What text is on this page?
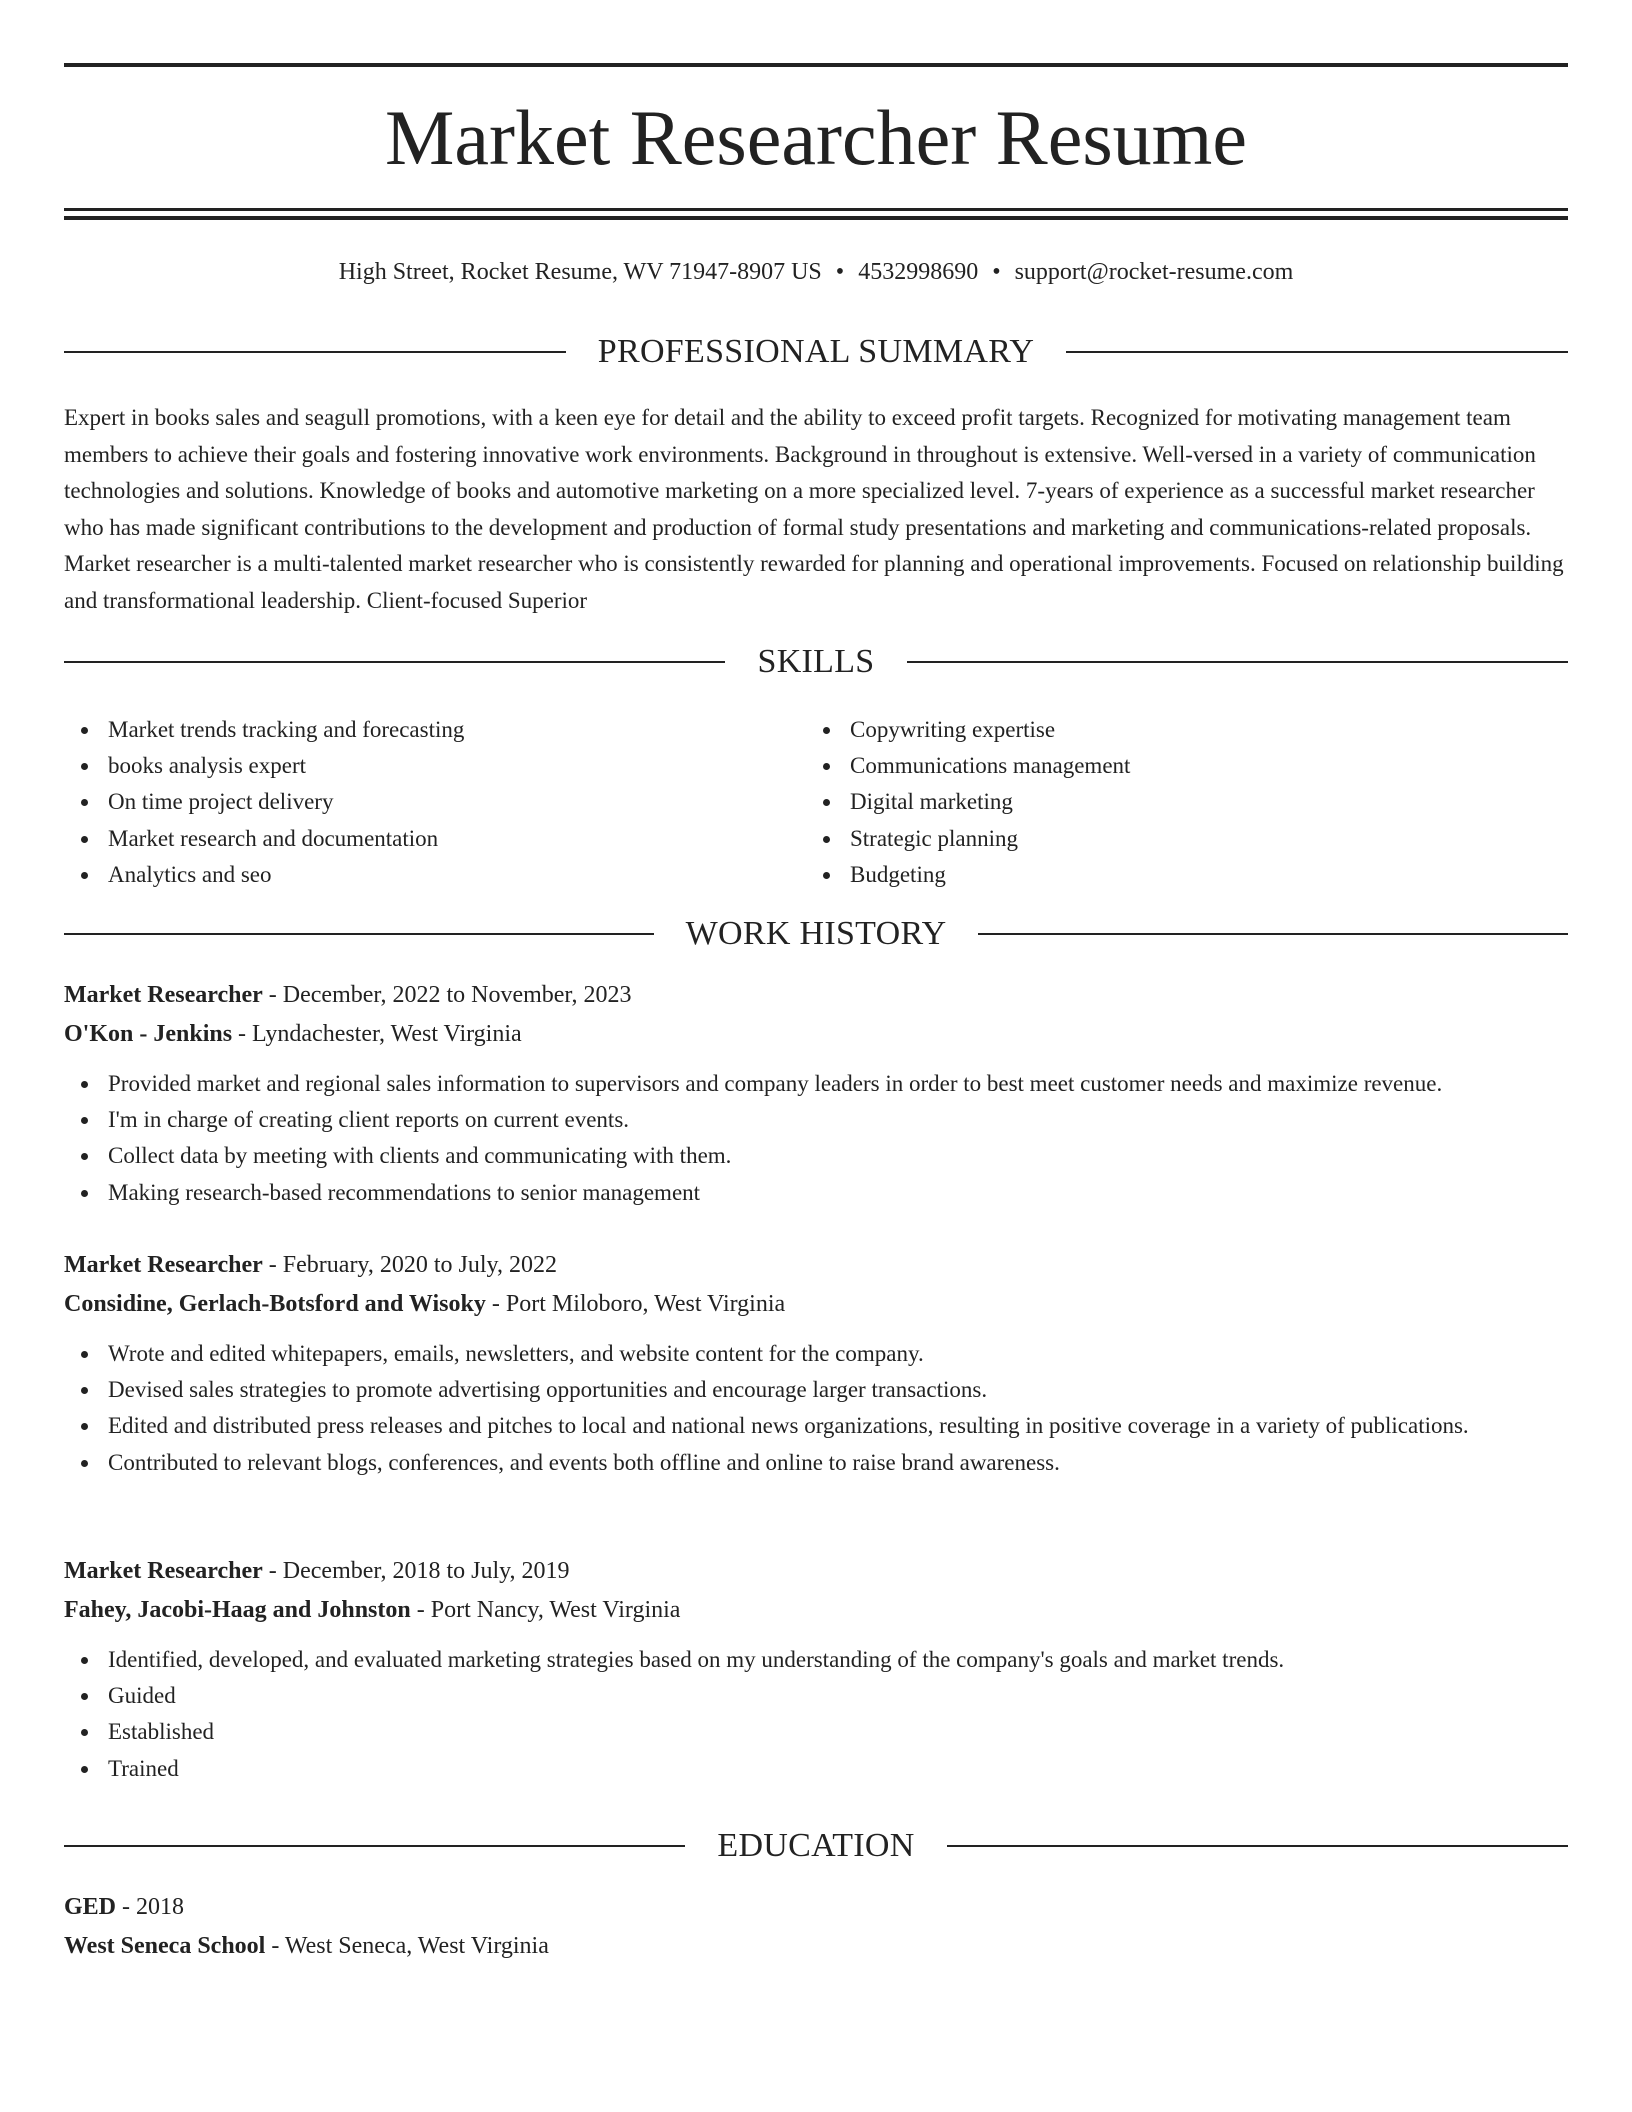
Market Researcher Resume
High Street, Rocket Resume, WV 71947-8907 US • 4532998690 • support@rocket-resume.com
PROFESSIONAL SUMMARY

Expert in books sales and seagull promotions, with a keen eye for detail and the ability to exceed profit targets. Recognized for motivating management team members to achieve their goals and fostering innovative work environments. Background in throughout is extensive. Well-versed in a variety of communication technologies and solutions. Knowledge of books and automotive marketing on a more specialized level. 7-years of experience as a successful market researcher who has made significant contributions to the development and production of formal study presentations and marketing and communications-related proposals. Market researcher is a multi-talented market researcher who is consistently rewarded for planning and operational improvements. Focused on relationship building and transformational leadership. Client-focused Superior

SKILLS
Market trends tracking and forecasting
books analysis expert
On time project delivery
Market research and documentation
Analytics and seo
Copywriting expertise
Communications management
Digital marketing
Strategic planning
Budgeting
WORK HISTORY
Market Researcher - December, 2022 to November, 2023
O'Kon - Jenkins - Lyndachester, West Virginia
Provided market and regional sales information to supervisors and company leaders in order to best meet customer needs and maximize revenue.
I'm in charge of creating client reports on current events.
Collect data by meeting with clients and communicating with them.
Making research-based recommendations to senior management
Market Researcher - February, 2020 to July, 2022
Considine, Gerlach-Botsford and Wisoky - Port Miloboro, West Virginia
Wrote and edited whitepapers, emails, newsletters, and website content for the company.
Devised sales strategies to promote advertising opportunities and encourage larger transactions.
Edited and distributed press releases and pitches to local and national news organizations, resulting in positive coverage in a variety of publications.
Contributed to relevant blogs, conferences, and events both offline and online to raise brand awareness.
Market Researcher - December, 2018 to July, 2019
Fahey, Jacobi-Haag and Johnston - Port Nancy, West Virginia
Identified, developed, and evaluated marketing strategies based on my understanding of the company's goals and market trends.
Guided
Established
Trained
EDUCATION
GED - 2018
West Seneca School - West Seneca, West Virginia
